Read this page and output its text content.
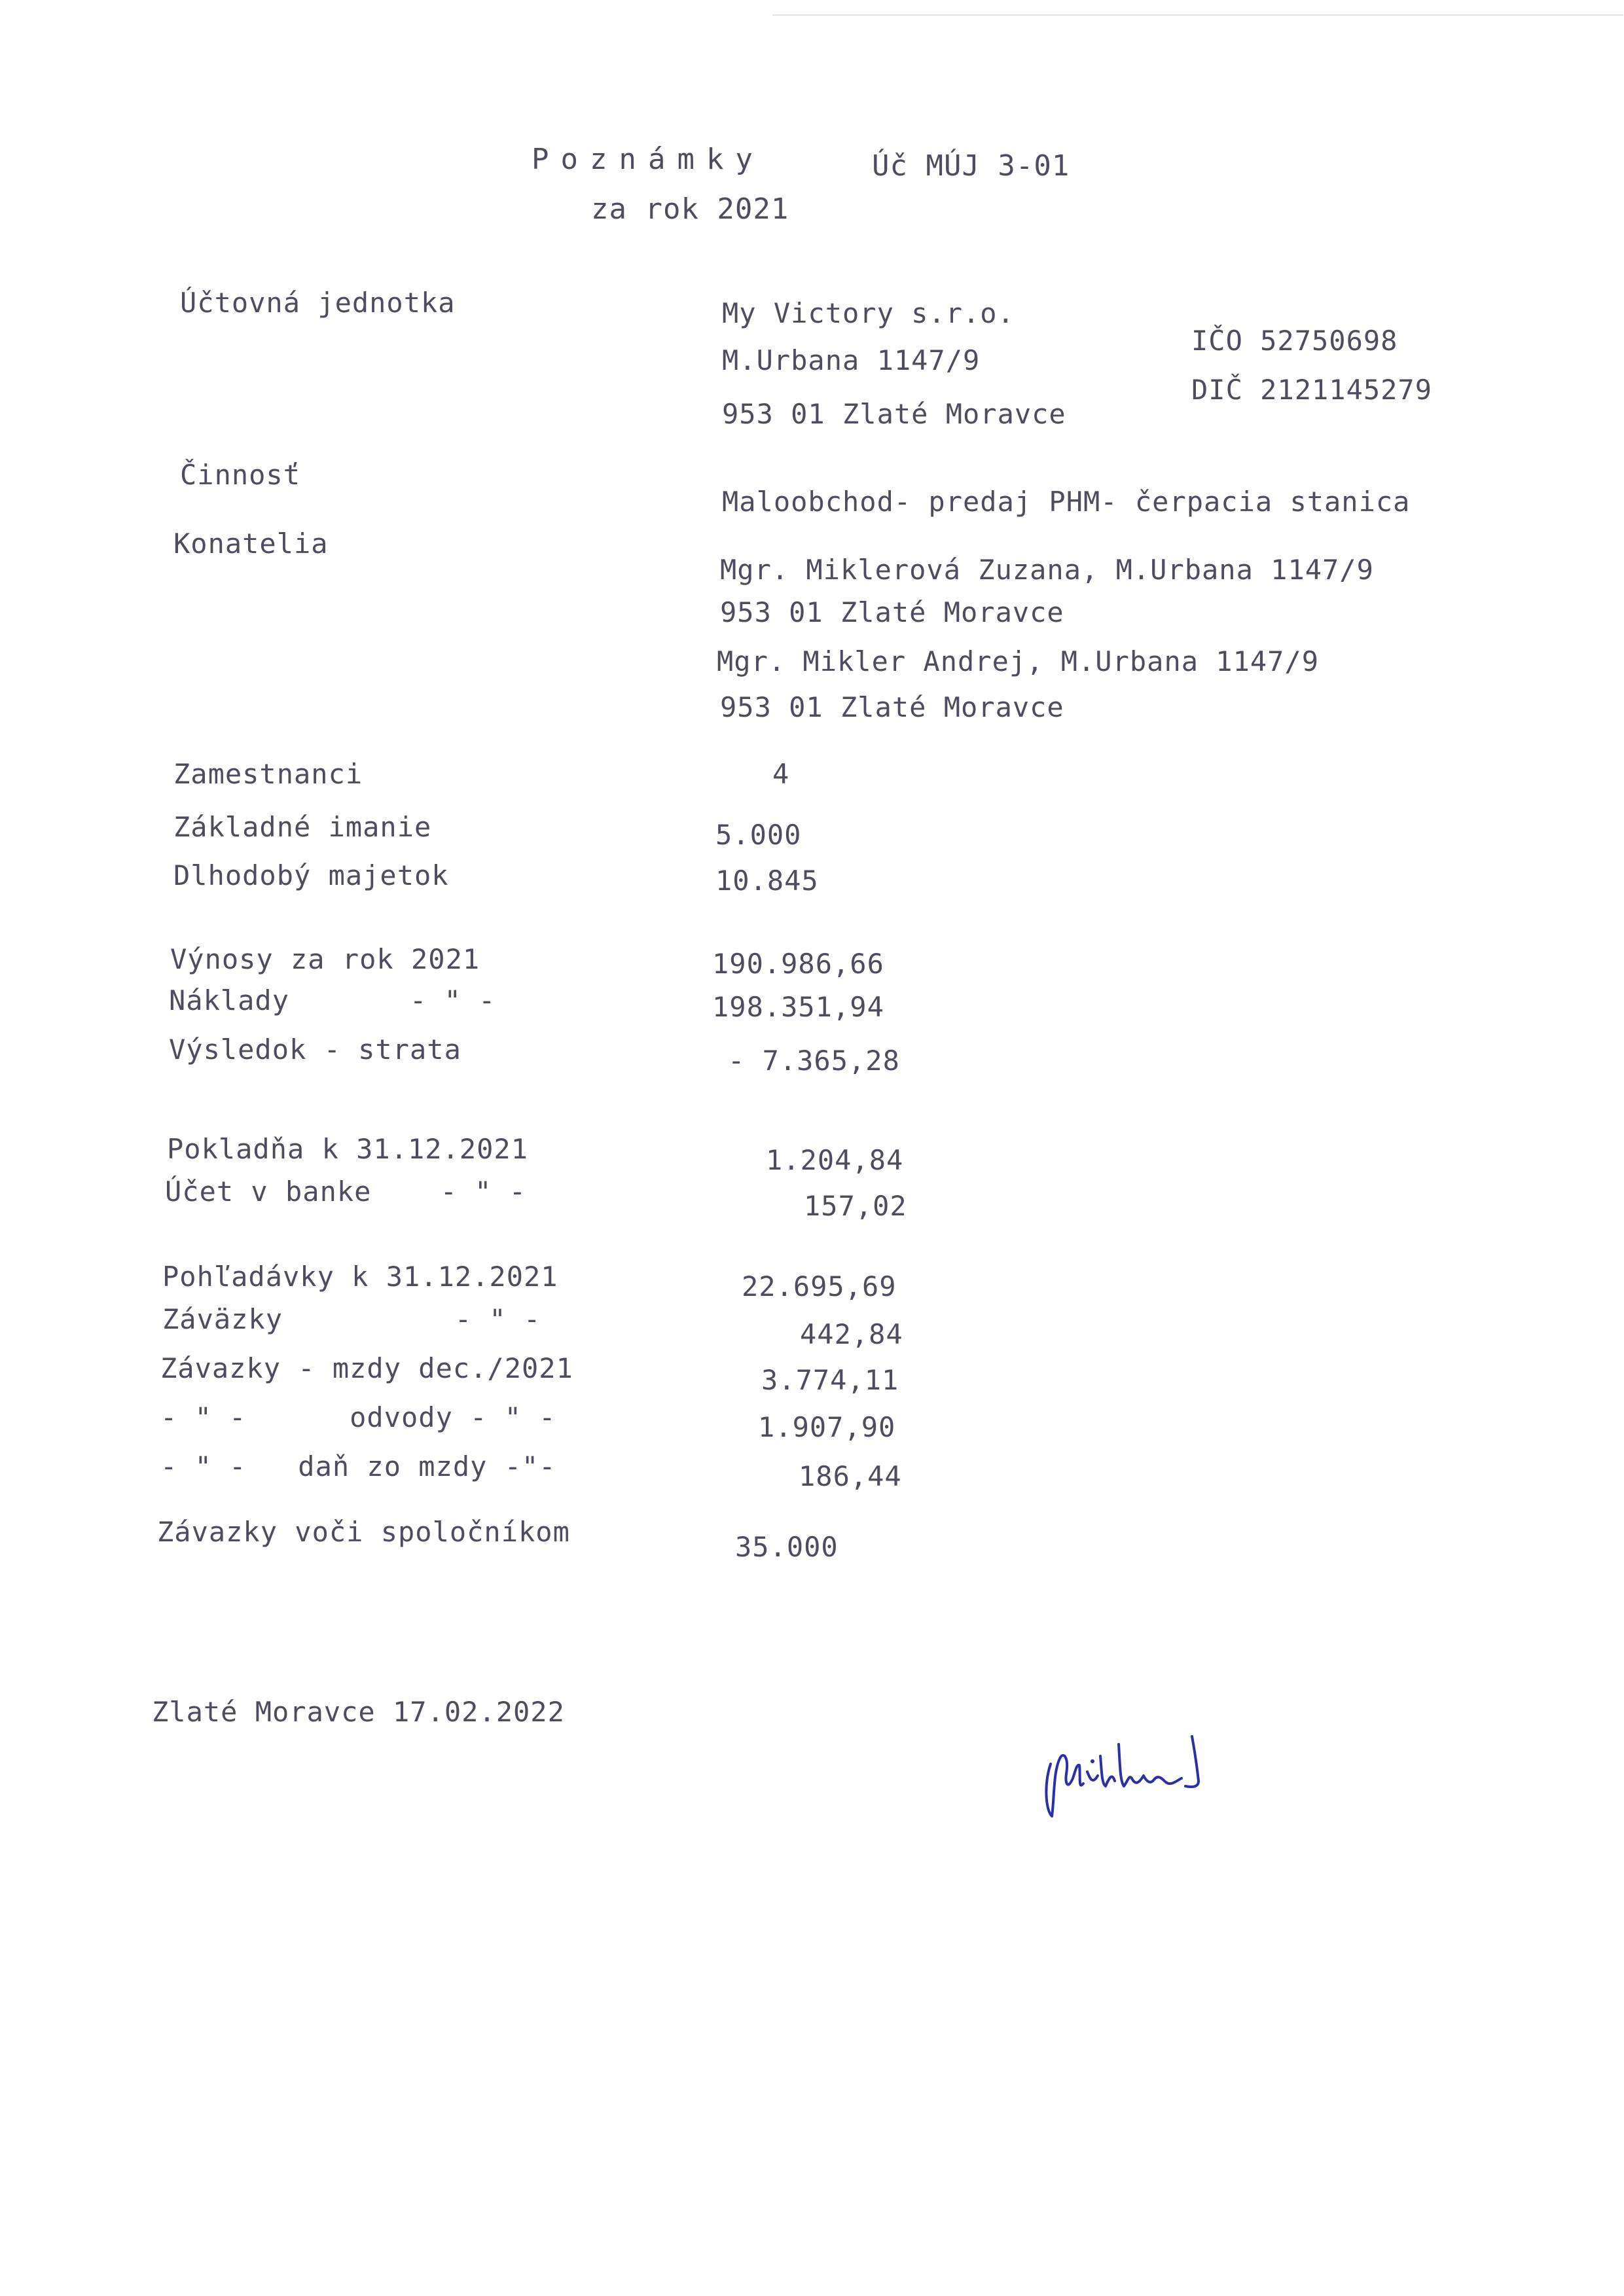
Poznámky	Úč MÚJ 3-01
za rok 2021
Účtovná jednotka	My Victory s.r.o.
M.Urbana 1147/9
953 01 Zlaté Moravce
IČO 52750698
DIČ 2121145279
Činnosť
Maloobchod- predaj PHM- čerpacia stanica
Konatelia
Mgr. Miklerová Zuzana, M.Urbana 1147/9
953 01 Zlaté Moravce
Mgr. Mikler Andrej, M.Urbana 1147/9
953 01 Zlaté Moravce
Zamestnanci	4
Základné imanie	5.000
Dlhodobý majetok	10.845
Výnosy za rok 2021	190.986,66
Náklady       - " -	198.351,94
Výsledok - strata	- 7.365,28
Pokladňa k 31.12.2021	1.204,84
Účet v banke    - " -	157,02
Pohľadávky k 31.12.2021	22.695,69
Záväzky          - " -	442,84
Závazky - mzdy dec./2021	3.774,11
- " -      odvody - " -	1.907,90
- " -   daň zo mzdy -"-	186,44
Závazky voči spoločníkom	35.000
Zlaté Moravce 17.02.2022
